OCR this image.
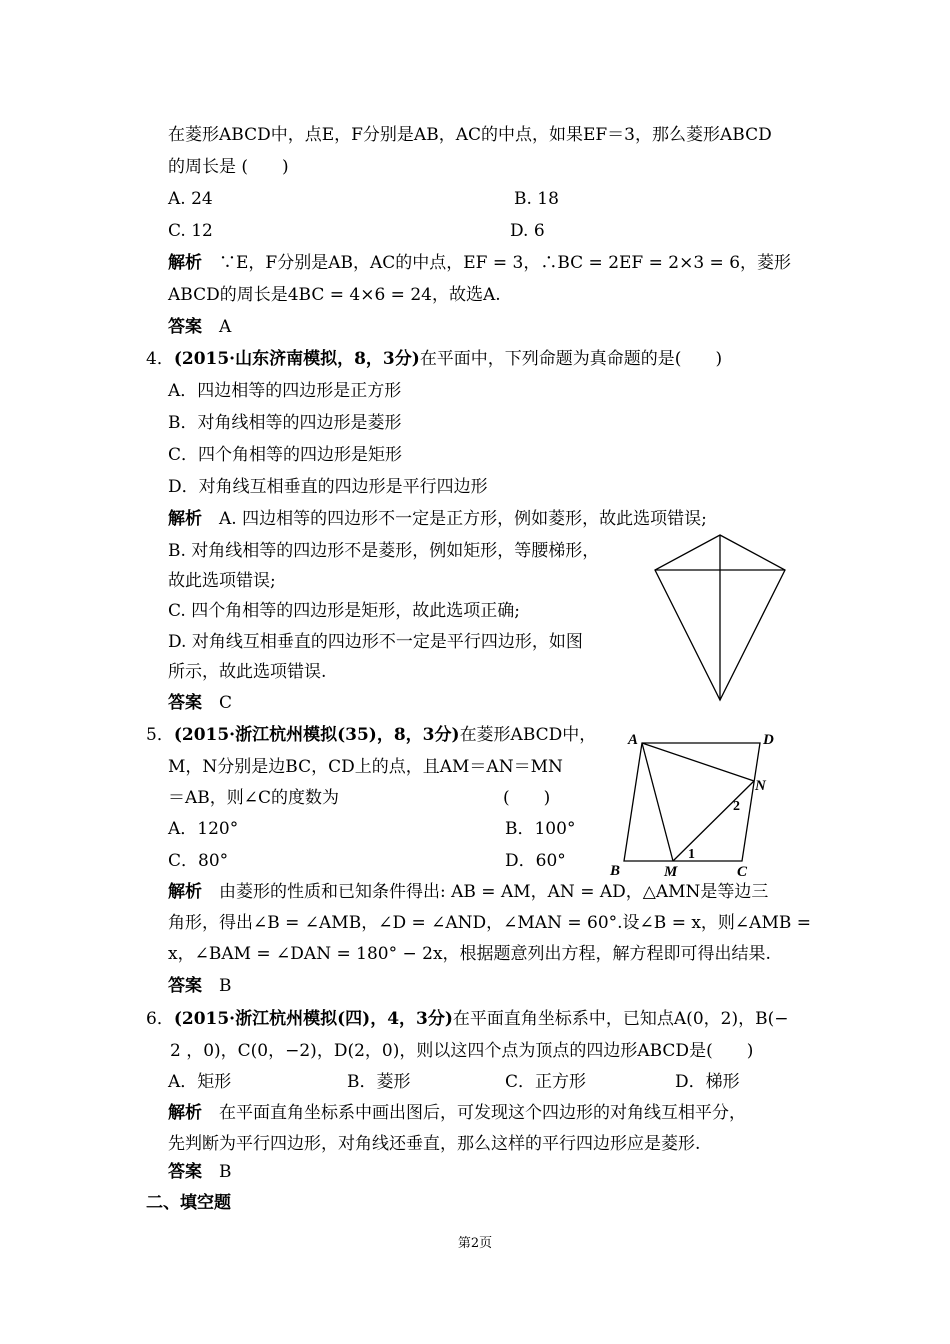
在菱形ABCD中，点E，F分别是AB，AC的中点，如果EF＝3，那么菱形ABCD
的周长是 (　　)
A. 24	B. 18
C. 12	D. 6
解析　 ∵E，F分别是AB，AC的中点，EF = 3，∴BC = 2EF = 2×3 = 6，菱形
ABCD的周长是4BC = 4×6 = 24，故选A.
答案　 A
4．(2015·山东济南模拟，8，3分)在平面中，下列命题为真命题的是(　　)
A．四边相等的四边形是正方形
B．对角线相等的四边形是菱形
C．四个角相等的四边形是矩形
D．对角线互相垂直的四边形是平行四边形
解析　 A. 四边相等的四边形不一定是正方形，例如菱形，故此选项错误;
B. 对角线相等的四边形不是菱形，例如矩形，等腰梯形，
故此选项错误;
C. 四个角相等的四边形是矩形，故此选项正确;
D. 对角线互相垂直的四边形不一定是平行四边形，如图
所示，故此选项错误.
答案　 C
5．(2015·浙江杭州模拟(35)，8，3分)在菱形ABCD中，
M，N分别是边BC，CD上的点，且AM＝AN＝MN
＝AB，则∠C的度数为	(　　)
A．120°	B．100°
C．80°	D．60°
解析　 由菱形的性质和已知条件得出: AB = AM，AN = AD，△AMN是等边三
角形，得出∠B = ∠AMB，∠D = ∠AND，∠MAN = 60°.设∠B = x，则∠AMB =
x，∠BAM = ∠DAN = 180° − 2x，根据题意列出方程，解方程即可得出结果.
答案　 B
A	D
N
B	M	C
1
2
6．(2015·浙江杭州模拟(四)，4，3分)在平面直角坐标系中，已知点A(0，2)，B(−
2 ，0)，C(0，−2)，D(2，0)，则以这四个点为顶点的四边形ABCD是(　　)
A．矩形	B．菱形	C．正方形	D．梯形
解析　 在平面直角坐标系中画出图后，可发现这个四边形的对角线互相平分，
先判断为平行四边形，对角线还垂直，那么这样的平行四边形应是菱形.
答案　 B
二、填空题
第2页
